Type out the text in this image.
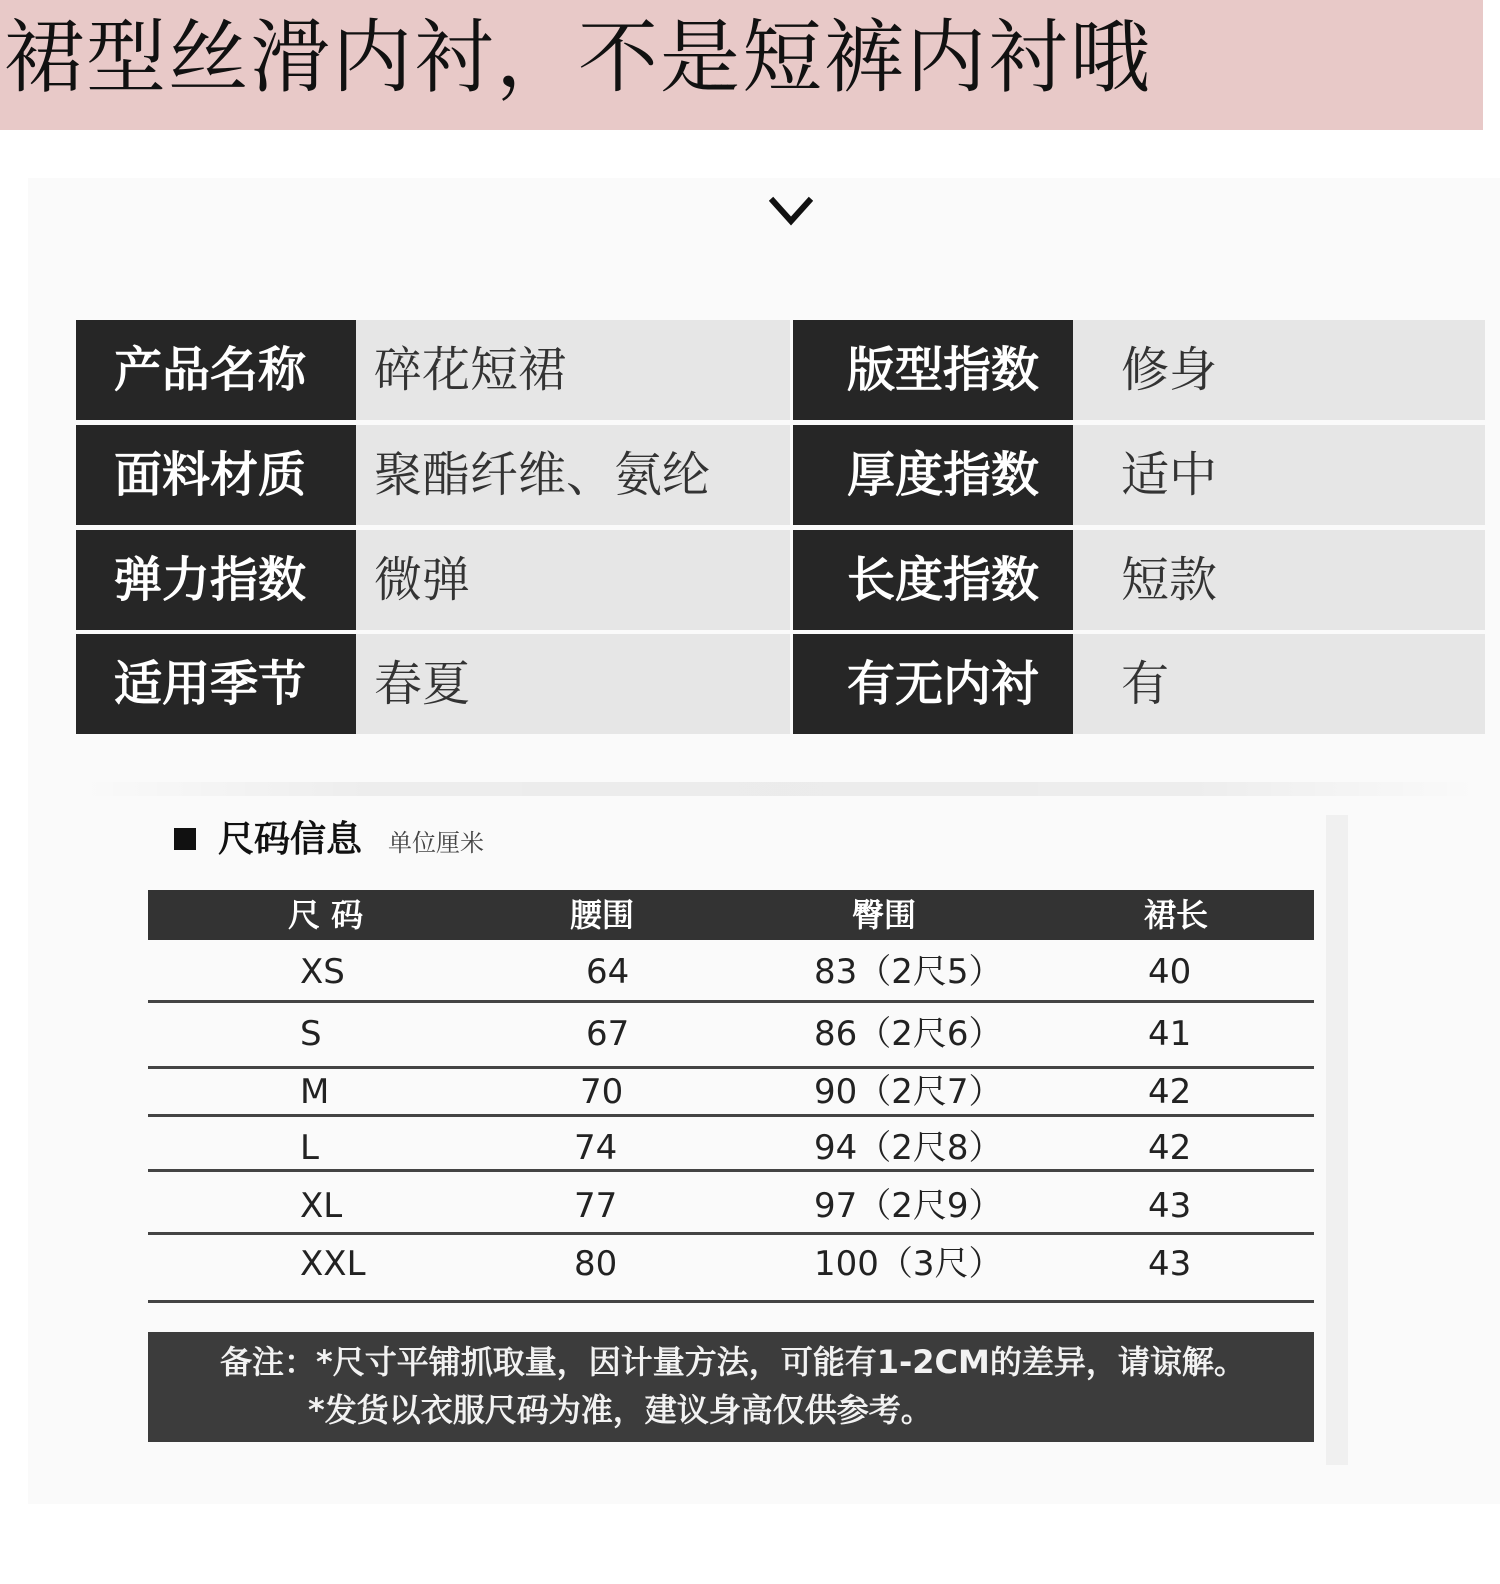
裙型丝滑内衬，不是短裤内衬哦
产品名称	碎花短裙	版型指数	修身
面料材质	聚酯纤维、氨纶	厚度指数	适中
弹力指数	微弹	长度指数	短款
适用季节	春夏	有无内衬	有
尺码信息 单位厘米
尺 码	腰围	臀围	裙长
XS	64	83（2尺5）	40
S	67	86（2尺6）	41
M	70	90（2尺7）	42
L	74	94（2尺8）	42
XL	77	97（2尺9）	43
XXL	80	100（3尺）	43
备注：*尺寸平铺抓取量，因计量方法，可能有1-2CM的差异，请谅解。
*发货以衣服尺码为准，建议身高仅供参考。
